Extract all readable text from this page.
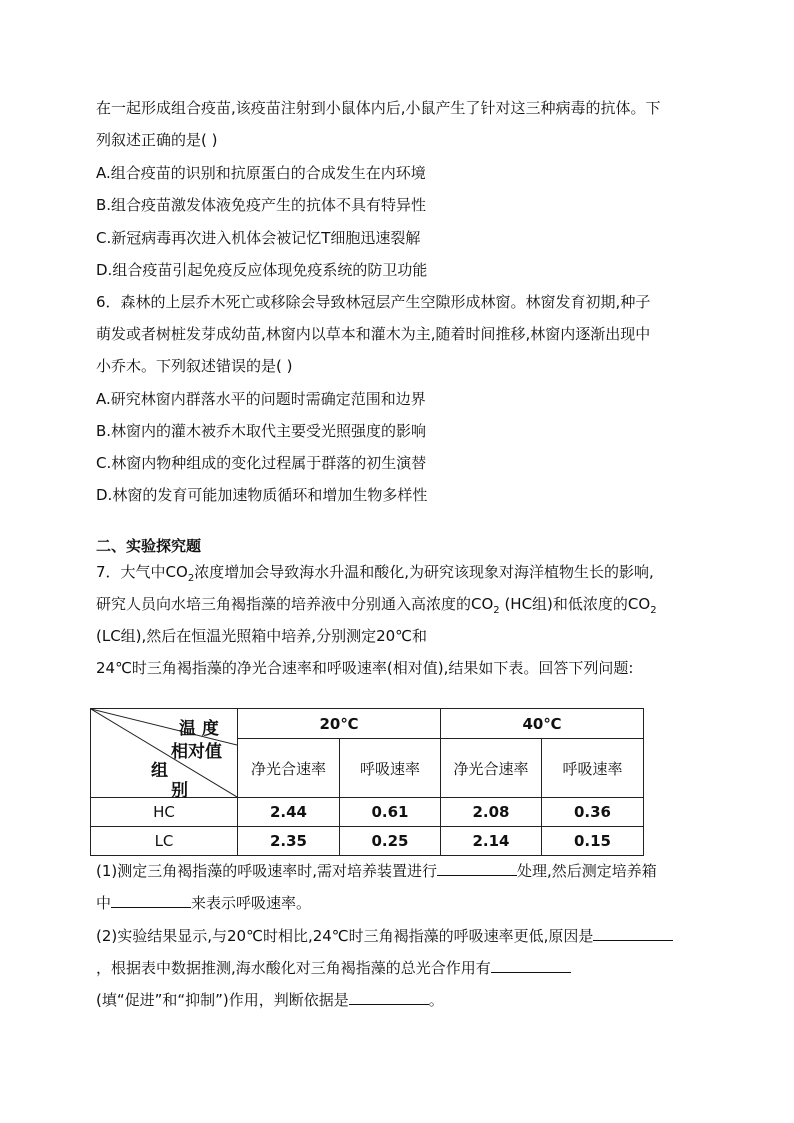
在一起形成组合疫苗,该疫苗注射到小鼠体内后,小鼠产生了针对这三种病毒的抗体。下
列叙述正确的是( )
A.组合疫苗的识别和抗原蛋白的合成发生在内环境
B.组合疫苗激发体液免疫产生的抗体不具有特异性
C.新冠病毒再次进入机体会被记忆T细胞迅速裂解
D.组合疫苗引起免疫反应体现免疫系统的防卫功能
6．森林的上层乔木死亡或移除会导致林冠层产生空隙形成林窗。林窗发育初期,种子
萌发或者树桩发芽成幼苗,林窗内以草本和灌木为主,随着时间推移,林窗内逐渐出现中
小乔木。下列叙述错误的是( )
A.研究林窗内群落水平的问题时需确定范围和边界
B.林窗内的灌木被乔木取代主要受光照强度的影响
C.林窗内物种组成的变化过程属于群落的初生演替
D.林窗的发育可能加速物质循环和增加生物多样性
二、实验探究题
7．大气中$CO_2$浓度增加会导致海水升温和酸化,为研究该现象对海洋植物生长的影响,
研究人员向水培三角褐指藻的培养液中分别通入高浓度的$CO_2$ (HC组)和低浓度的$CO_2$
(LC组),然后在恒温光照箱中培养,分别测定20℃和
24℃时三角褐指藻的净光合速率和呼吸速率(相对值),结果如下表。回答下列问题:
温 度
相对值
组
别	20℃		40℃	
	净光合速率	呼吸速率	净光合速率	呼吸速率
HC	2.44	0.61	2.08	0.36
LC	2.35	0.25	2.14	0.15
(1)测定三角褐指藻的呼吸速率时,需对培养装置进行	处理,然后测定培养箱
中	来表示呼吸速率。
(2)实验结果显示,与20℃时相比,24℃时三角褐指藻的呼吸速率更低,原因是
，根据表中数据推测,海水酸化对三角褐指藻的总光合作用有
(填“促进”和“抑制”)作用，判断依据是	。
